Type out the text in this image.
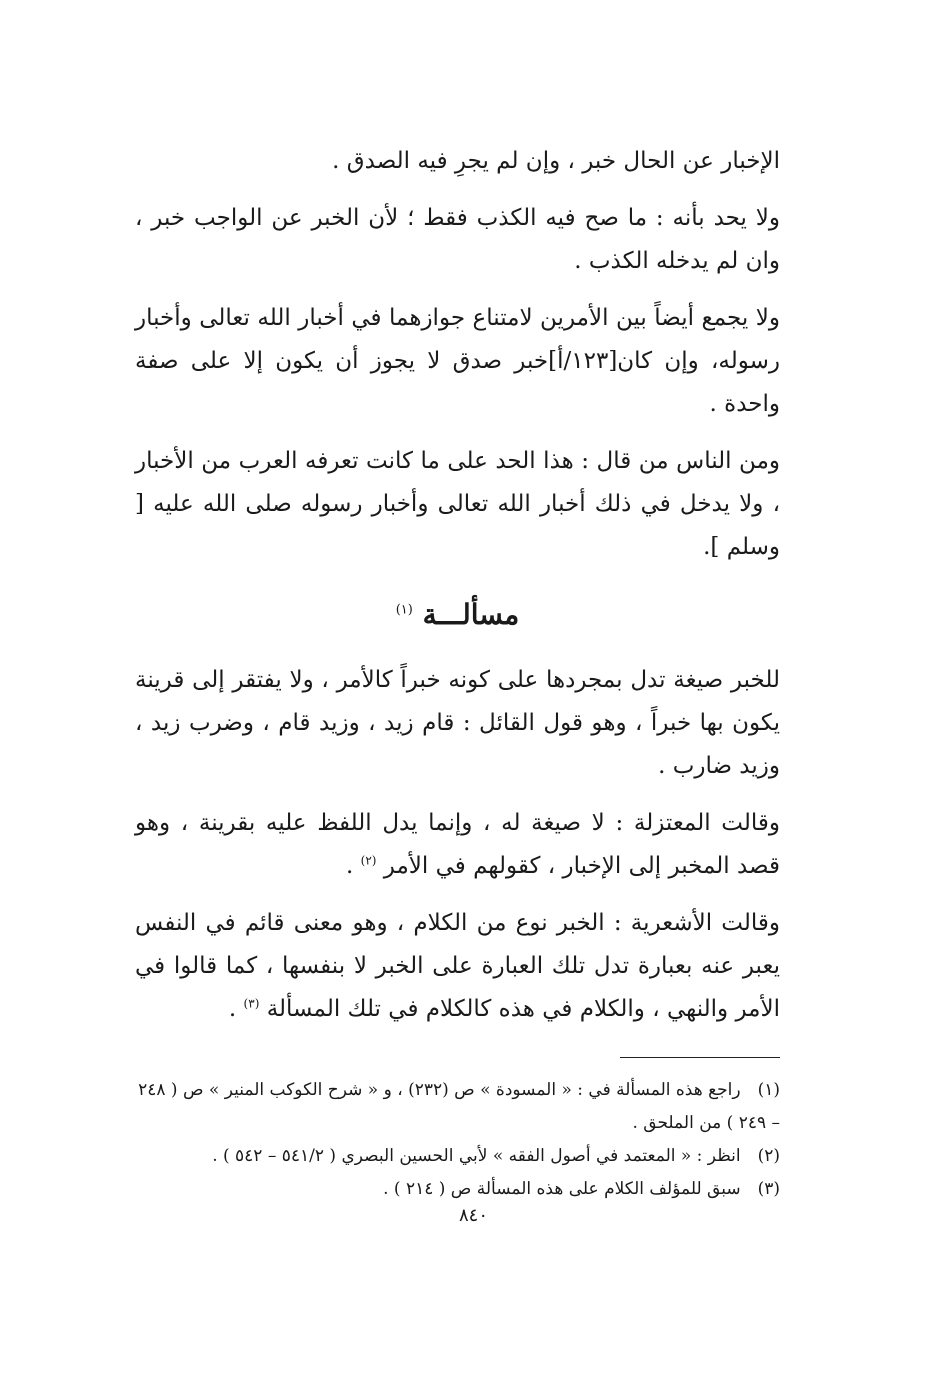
الإخبار عن الحال خبر ، وإن لم يجرِ فيه الصدق .

ولا يحد بأنه : ما صح فيه الكذب فقط ؛ لأن الخبر عن الواجب خبر ، وان لم يدخله الكذب .

ولا يجمع أيضاً بين الأمرين لامتناع جوازهما في أخبار الله تعالى وأخبار رسوله، وإن كان[١٢٣/أ]خبر صدق لا يجوز أن يكون إلا على صفة واحدة .

ومن الناس من قال : هذا الحد على ما كانت تعرفه العرب من الأخبار ، ولا يدخل في ذلك أخبار الله تعالى وأخبار رسوله صلى الله عليه [ وسلم ].

مسألـــة $^{(١)}$

للخبر صيغة تدل بمجردها على كونه خبراً كالأمر ، ولا يفتقر إلى قرينة يكون بها خبراً ، وهو قول القائل : قام زيد ، وزيد قام ، وضرب زيد ، وزيد ضارب .

وقالت المعتزلة : لا صيغة له ، وإنما يدل اللفظ عليه بقرينة ، وهو قصد المخبر إلى الإخبار ، كقولهم في الأمر $^{(٢)}$ .

وقالت الأشعرية : الخبر نوع من الكلام ، وهو معنى قائم في النفس يعبر عنه بعبارة تدل تلك العبارة على الخبر لا بنفسها ، كما قالوا في الأمر والنهي ، والكلام في هذه كالكلام في تلك المسألة $^{(٣)}$ .

(١) راجع هذه المسألة في : « المسودة » ص (٢٣٢) ، و « شرح الكوكب المنير » ص ( ٢٤٨ – ٢٤٩ ) من الملحق .

(٢) انظر : « المعتمد في أصول الفقه » لأبي الحسين البصري ( ٥٤١/٢ – ٥٤٢ ) .

(٣) سبق للمؤلف الكلام على هذه المسألة ص ( ٢١٤ ) .

٨٤٠
